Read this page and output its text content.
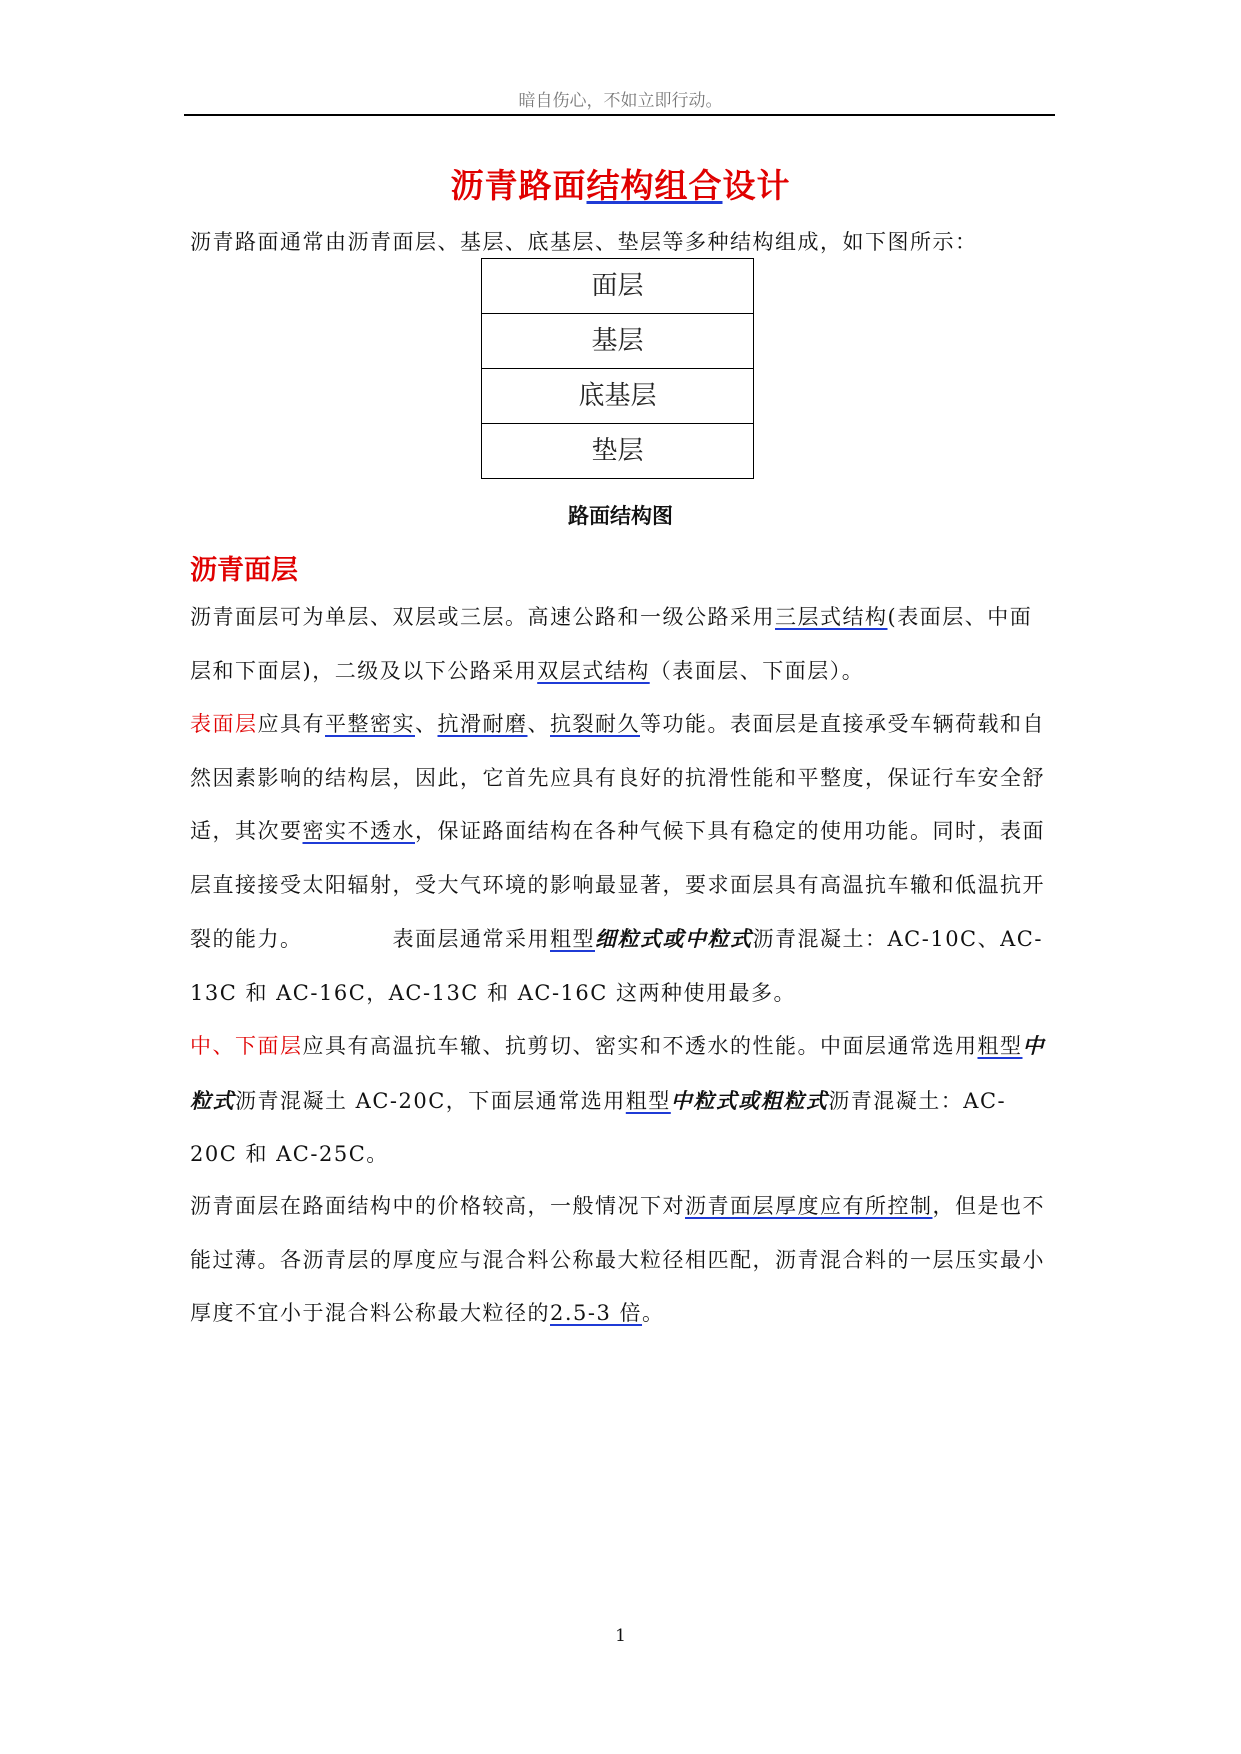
暗自伤心，不如立即行动。
沥青路面结构组合设计
沥青路面通常由沥青面层、基层、底基层、垫层等多种结构组成，如下图所示：
面层
基层
底基层
垫层
路面结构图
沥青面层
沥青面层可为单层、双层或三层。高速公路和一级公路采用三层式结构(表面层、中面层和下面层)，二级及以下公路采用双层式结构（表面层、下面层）。
表面层应具有平整密实、抗滑耐磨、抗裂耐久等功能。表面层是直接承受车辆荷载和自然因素影响的结构层，因此，它首先应具有良好的抗滑性能和平整度，保证行车安全舒适，其次要密实不透水，保证路面结构在各种气候下具有稳定的使用功能。同时，表面层直接接受太阳辐射，受大气环境的影响最显著，要求面层具有高温抗车辙和低温抗开裂的能力。	表面层通常采用粗型细粒式或中粒式沥青混凝土：AC-10C、AC-13C 和 AC-16C，AC-13C 和 AC-16C 这两种使用最多。
中、下面层应具有高温抗车辙、抗剪切、密实和不透水的性能。中面层通常选用粗型中粒式沥青混凝土 AC-20C，下面层通常选用粗型中粒式或粗粒式沥青混凝土：AC-20C 和 AC-25C。
沥青面层在路面结构中的价格较高，一般情况下对沥青面层厚度应有所控制，但是也不能过薄。各沥青层的厚度应与混合料公称最大粒径相匹配，沥青混合料的一层压实最小厚度不宜小于混合料公称最大粒径的2.5-3 倍。
1
